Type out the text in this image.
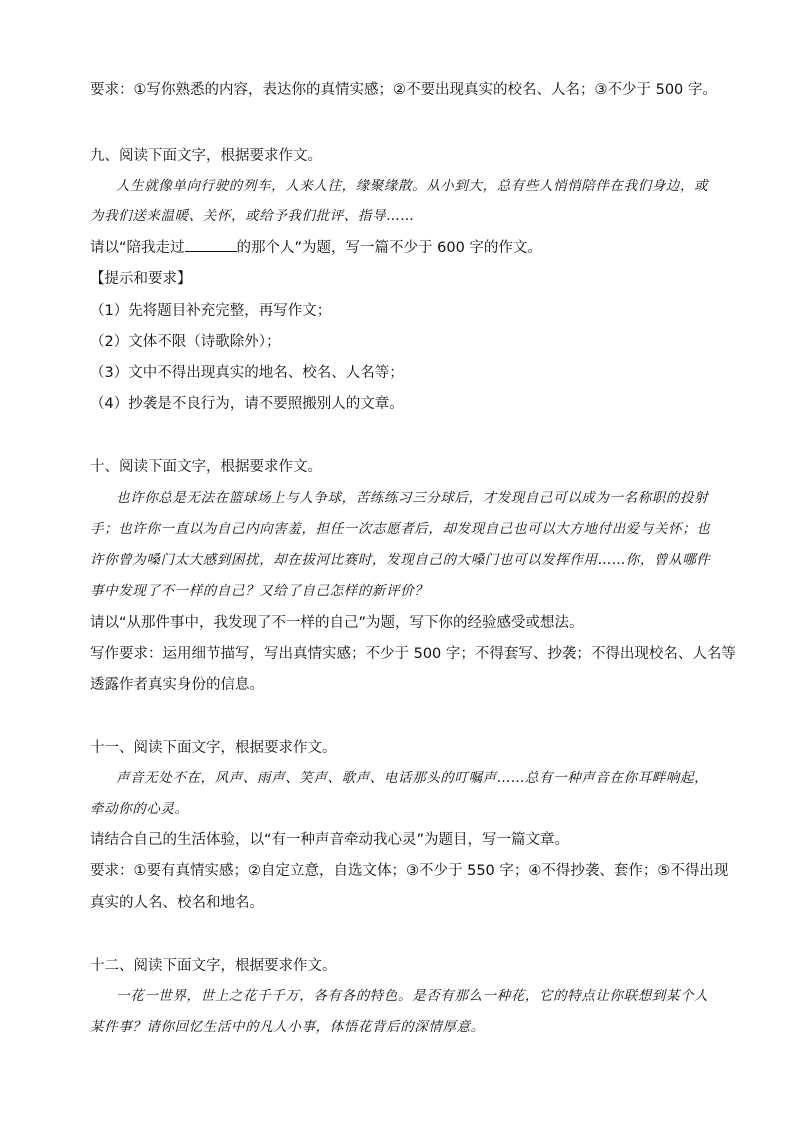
要求：①写你熟悉的内容，表达你的真情实感；②不要出现真实的校名、人名；③不少于 500 字。
九、阅读下面文字，根据要求作文。
人生就像单向行驶的列车，人来人往，缘聚缘散。从小到大，总有些人悄悄陪伴在我们身边，或
为我们送来温暖、关怀，或给予我们批评、指导……
请以“陪我走过	的那个人”为题，写一篇不少于 600 字的作文。
【提示和要求】
（1）先将题目补充完整，再写作文；
（2）文体不限（诗歌除外）；
（3）文中不得出现真实的地名、校名、人名等；
（4）抄袭是不良行为，请不要照搬别人的文章。
十、阅读下面文字，根据要求作文。
也许你总是无法在篮球场上与人争球，苦练练习三分球后，才发现自己可以成为一名称职的投射
手；也许你一直以为自己内向害羞，担任一次志愿者后，却发现自己也可以大方地付出爱与关怀；也
许你曾为嗓门太大感到困扰，却在拔河比赛时，发现自己的大嗓门也可以发挥作用……你，曾从哪件
事中发现了不一样的自己？又给了自己怎样的新评价？
请以“从那件事中，我发现了不一样的自己”为题，写下你的经验感受或想法。
写作要求：运用细节描写，写出真情实感；不少于 500 字；不得套写、抄袭；不得出现校名、人名等
透露作者真实身份的信息。
十一、阅读下面文字，根据要求作文。
声音无处不在，风声、雨声、笑声、歌声、电话那头的叮嘱声……总有一种声音在你耳畔响起，
牵动你的心灵。
请结合自己的生活体验，以“有一种声音牵动我心灵”为题目，写一篇文章。
要求：①要有真情实感；②自定立意，自选文体；③不少于 550 字；④不得抄袭、套作；⑤不得出现
真实的人名、校名和地名。
十二、阅读下面文字，根据要求作文。
一花一世界，世上之花千千万，各有各的特色。是否有那么一种花，它的特点让你联想到某个人
某件事？请你回忆生活中的凡人小事，体悟花背后的深情厚意。
